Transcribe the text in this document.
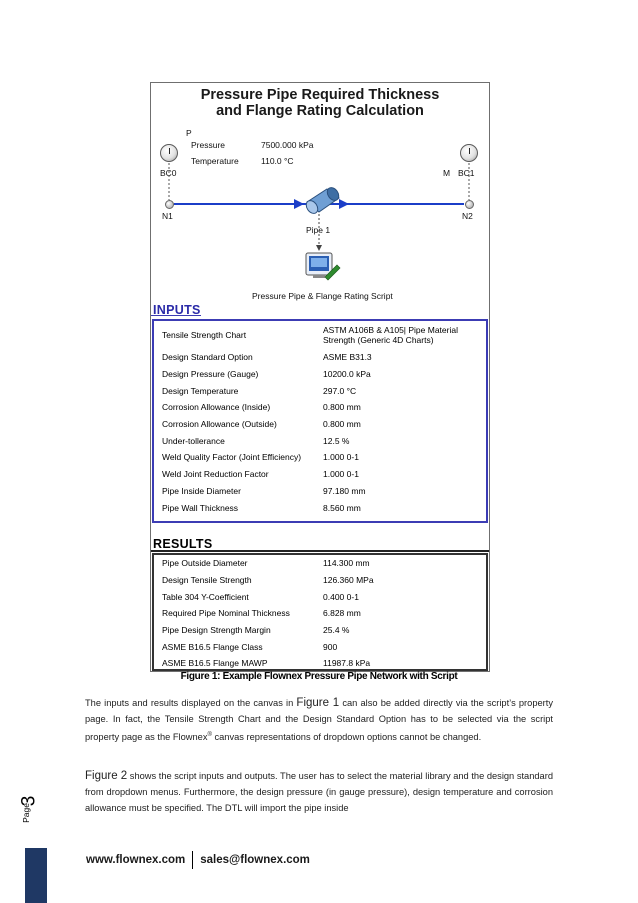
Pressure Pipe Required Thickness
and Flange Rating Calculation
P
Pressure	7500.000 kPa
Temperature	110.0 °C
BC0	M BC1
N1	N2
Pipe 1
Pressure Pipe & Flange Rating Script
INPUTS
Tensile Strength Chart	ASTM A106B & A105| Pipe Material Strength (Generic 4D Charts)
Design Standard Option	ASME B31.3
Design Pressure (Gauge)	10200.0 kPa
Design Temperature	297.0 °C
Corrosion Allowance (Inside)	0.800 mm
Corrosion Allowance (Outside)	0.800 mm
Under-tollerance	12.5 %
Weld Quality Factor (Joint Efficiency)	1.000 0-1
Weld Joint Reduction Factor	1.000 0-1
Pipe Inside Diameter	97.180 mm
Pipe Wall Thickness	8.560 mm
RESULTS
Pipe Outside Diameter	114.300 mm
Design Tensile Strength	126.360 MPa
Table 304 Y-Coefficient	0.400 0-1
Required Pipe Nominal Thickness	6.828 mm
Pipe Design Strength Margin	25.4 %
ASME B16.5 Flange Class	900
ASME B16.5 Flange MAWP	11987.8 kPa
Figure 1: Example Flownex Pressure Pipe Network with Script
The inputs and results displayed on the canvas in Figure 1 can also be added directly via the script’s property page. In fact, the Tensile Strength Chart and the Design Standard Option has to be selected via the script property page as the Flownex® canvas representations of dropdown options cannot be changed.
Figure 2 shows the script inputs and outputs. The user has to select the material library and the design standard from dropdown menus. Furthermore, the design pressure (in gauge pressure), design temperature and corrosion allowance must be specified. The DTL will import the pipe inside
Page
3
www.flownex.com sales@flownex.com
